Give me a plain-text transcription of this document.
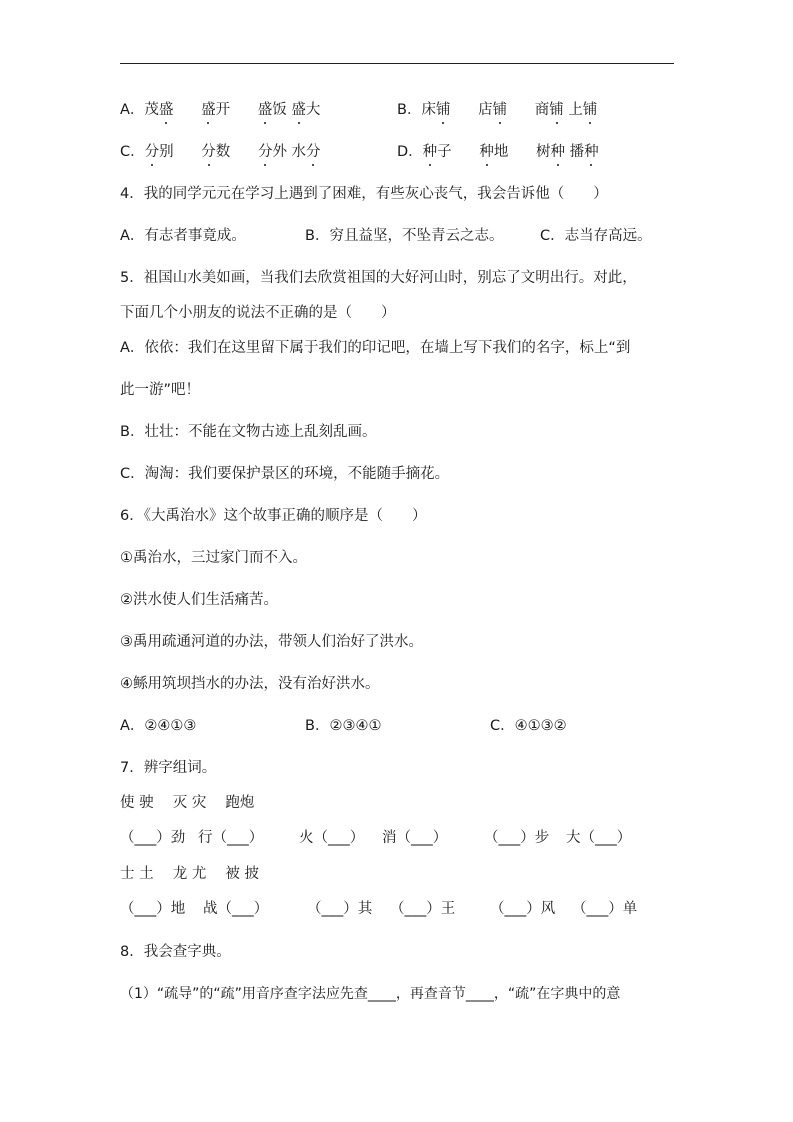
A．茂盛 盛开 盛饭 盛大	B．床铺 店铺 商铺 上铺
C．分别 分数 分外 水分	D．种子 种地 树种 播种
4．我的同学元元在学习上遇到了困难，有些灰心丧气，我会告诉他（　　）
A．有志者事竟成。	B．穷且益坚，不坠青云之志。	C．志当存高远。
5．祖国山水美如画，当我们去欣赏祖国的大好河山时，别忘了文明出行。对此，
下面几个小朋友的说法不正确的是（　　）
A．依依：我们在这里留下属于我们的印记吧，在墙上写下我们的名字，标上“到
此一游”吧！
B．壮壮：不能在文物古迹上乱刻乱画。
C．淘淘：我们要保护景区的环境，不能随手摘花。
6．《大禹治水》这个故事正确的顺序是（　　）
①禹治水，三过家门而不入。
②洪水使人们生活痛苦。
③禹用疏通河道的办法，带领人们治好了洪水。
④鲧用筑坝挡水的办法，没有治好洪水。
A．②④①③	B．②③④①	C．④①③②
7．辨字组词。
使 驶　 灭 灾　 跑炮
（___）劲 行（___） 火（___） 消（___）	（___）步 大（___）
士 土　 龙 尤　 被 披
（___）地 战（___）	（___）其 （___）王 （___）风 （___）单
8．我会查字典。
（1）“疏导”的“疏”用音序查字法应先查____，再查音节____，“疏”在字典中的意
